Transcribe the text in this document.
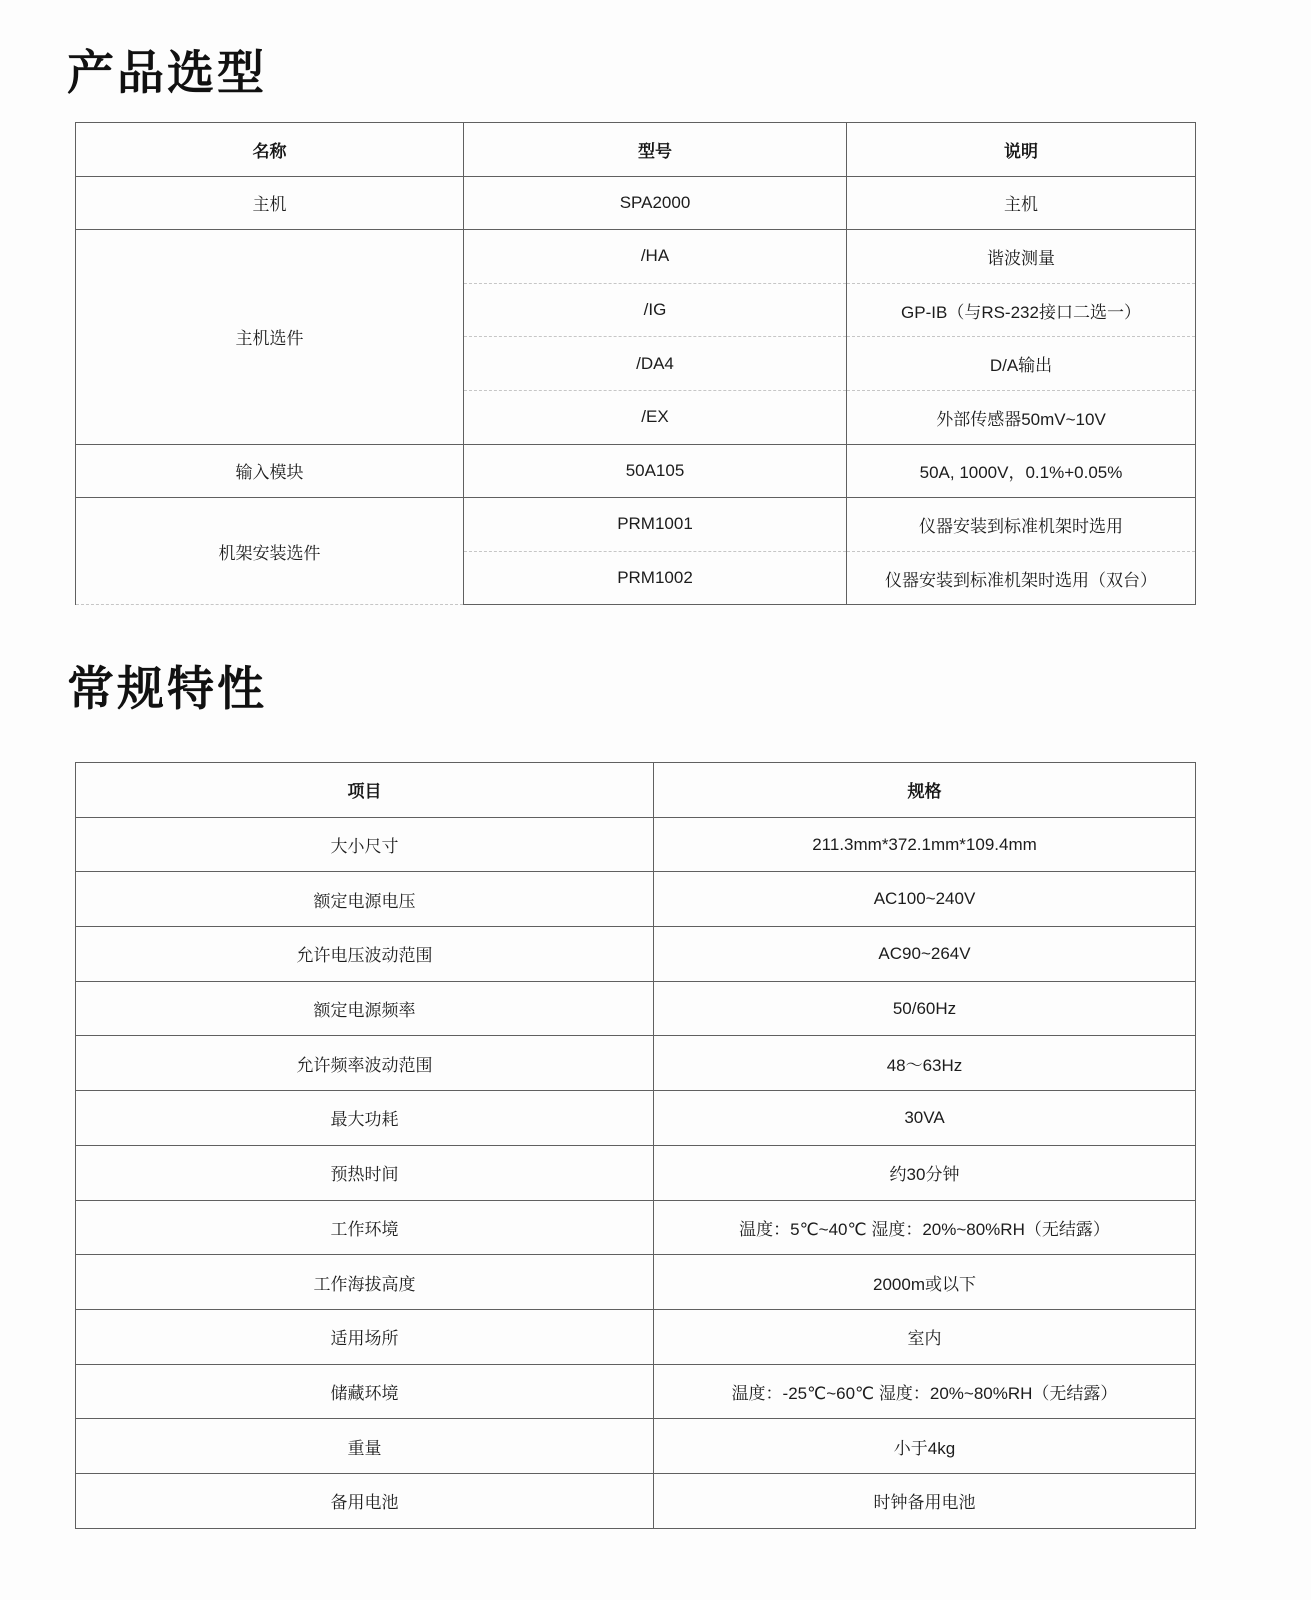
产品选型
名称	型号	说明
主机	SPA2000	主机
主机选件	/HA	谐波测量
	/IG	GP-IB（与RS-232接口二选一）
	/DA4	D/A输出
	/EX	外部传感器50mV~10V
输入模块	50A105	50A, 1000V，0.1%+0.05%
机架安装选件	PRM1001	仪器安装到标准机架时选用
	PRM1002	仪器安装到标准机架时选用（双台）
常规特性
项目	规格
大小尺寸	211.3mm*372.1mm*109.4mm
额定电源电压	AC100~240V
允许电压波动范围	AC90~264V
额定电源频率	50/60Hz
允许频率波动范围	48～63Hz
最大功耗	30VA
预热时间	约30分钟
工作环境	温度：5℃~40℃ 湿度：20%~80%RH（无结露）
工作海拔高度	2000m或以下
适用场所	室内
储藏环境	温度：-25℃~60℃ 湿度：20%~80%RH（无结露）
重量	小于4kg
备用电池	时钟备用电池
